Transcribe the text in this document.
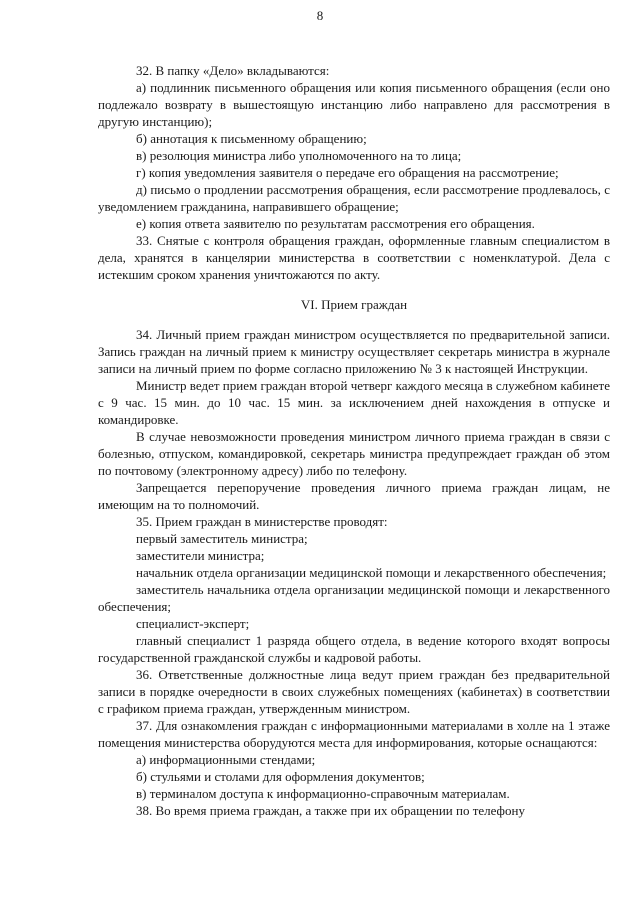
8

32. В папку «Дело» вкладываются:

а) подлинник письменного обращения или копия письменного обращения (если оно подлежало возврату в вышестоящую инстанцию либо направлено для рассмотрения в другую инстанцию);

б) аннотация к письменному обращению;

в) резолюция министра либо уполномоченного на то лица;

г) копия уведомления заявителя о передаче его обращения на рассмотрение;

д) письмо о продлении рассмотрения обращения, если рассмотрение продлевалось, с уведомлением гражданина, направившего обращение;

е) копия ответа заявителю по результатам рассмотрения его обращения.

33. Снятые с контроля обращения граждан, оформленные главным специалистом в дела, хранятся в канцелярии министерства в соответствии с номенклатурой. Дела с истекшим сроком хранения уничтожаются по акту.

VI. Прием граждан

34. Личный прием граждан министром осуществляется по предварительной записи. Запись граждан на личный прием к министру осуществляет секретарь министра в журнале записи на личный прием по форме согласно приложению № 3 к настоящей Инструкции.

Министр ведет прием граждан второй четверг каждого месяца в служебном кабинете с 9 час. 15 мин. до 10 час. 15 мин. за исключением дней нахождения в отпуске и командировке.

В случае невозможности проведения министром личного приема граждан в связи с болезнью, отпуском, командировкой, секретарь министра предупреждает граждан об этом по почтовому (электронному адресу) либо по телефону.

Запрещается перепоручение проведения личного приема граждан лицам, не имеющим на то полномочий.

35. Прием граждан в министерстве проводят:

первый заместитель министра;

заместители министра;

начальник отдела организации медицинской помощи и лекарственного обеспечения;

заместитель начальника отдела организации медицинской помощи и лекарственного обеспечения;

специалист-эксперт;

главный специалист 1 разряда общего отдела, в ведение которого входят вопросы государственной гражданской службы и кадровой работы.

36. Ответственные должностные лица ведут прием граждан без предварительной записи в порядке очередности в своих служебных помещениях (кабинетах) в соответствии с графиком приема граждан, утвержденным министром.

37. Для ознакомления граждан с информационными материалами в холле на 1 этаже помещения министерства оборудуются места для информирования, которые оснащаются:

а) информационными стендами;

б) стульями и столами для оформления документов;

в) терминалом доступа к информационно-справочным материалам.

38. Во время приема граждан, а также при их обращении по телефону
